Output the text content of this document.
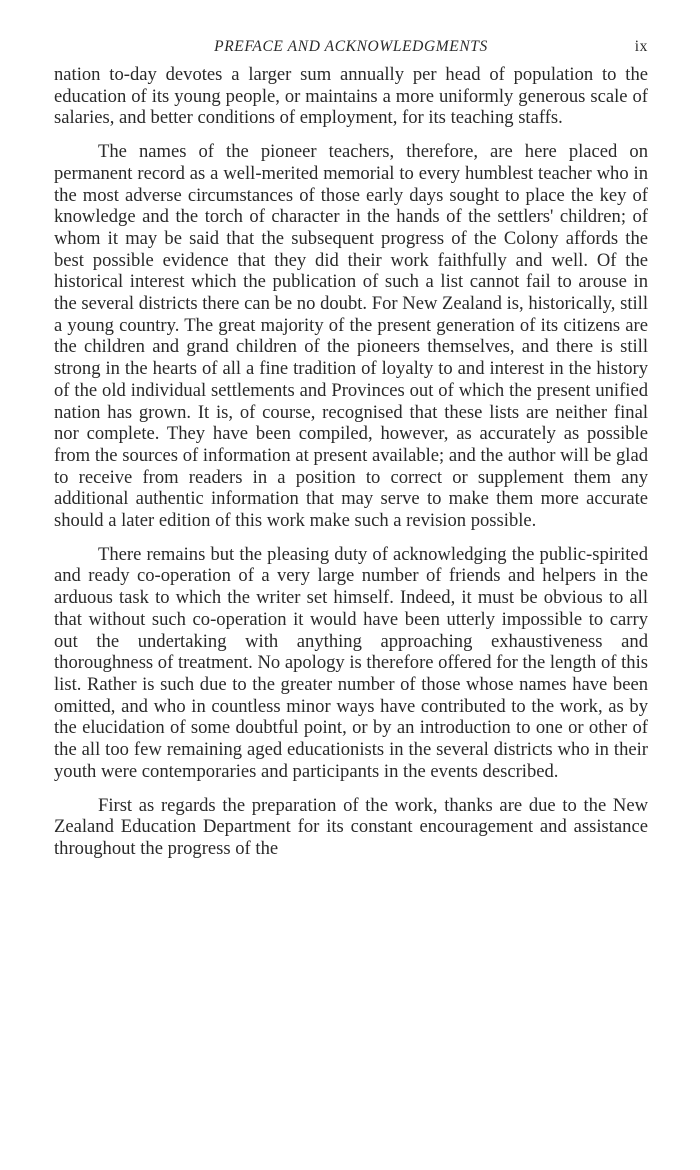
PREFACE AND ACKNOWLEDGMENTS	ix

nation to-day devotes a larger sum annually per head of population to the education of its young people, or maintains a more uniformly generous scale of salaries, and better conditions of employment, for its teaching staffs.

The names of the pioneer teachers, therefore, are here placed on permanent record as a well-merited memorial to every humblest teacher who in the most adverse circumstances of those early days sought to place the key of knowledge and the torch of character in the hands of the settlers' children; of whom it may be said that the subsequent progress of the Colony affords the best possible evidence that they did their work faithfully and well. Of the historical interest which the publication of such a list cannot fail to arouse in the several districts there can be no doubt. For New Zealand is, historically, still a young country. The great majority of the present generation of its citizens are the children and grand children of the pioneers themselves, and there is still strong in the hearts of all a fine tradition of loyalty to and interest in the history of the old individual settlements and Provinces out of which the present unified nation has grown. It is, of course, recognised that these lists are neither final nor complete. They have been compiled, however, as accurately as possible from the sources of information at present available; and the author will be glad to receive from readers in a position to correct or supplement them any additional authentic information that may serve to make them more accurate should a later edition of this work make such a revision possible.

There remains but the pleasing duty of acknowledging the public-spirited and ready co-operation of a very large number of friends and helpers in the arduous task to which the writer set himself. Indeed, it must be obvious to all that without such co-operation it would have been utterly impossible to carry out the undertaking with anything approaching exhaustiveness and thoroughness of treatment. No apology is therefore offered for the length of this list. Rather is such due to the greater number of those whose names have been omitted, and who in countless minor ways have contributed to the work, as by the elucidation of some doubtful point, or by an introduction to one or other of the all too few remaining aged educationists in the several districts who in their youth were contemporaries and participants in the events described.

First as regards the preparation of the work, thanks are due to the New Zealand Education Department for its constant encouragement and assistance throughout the progress of the
